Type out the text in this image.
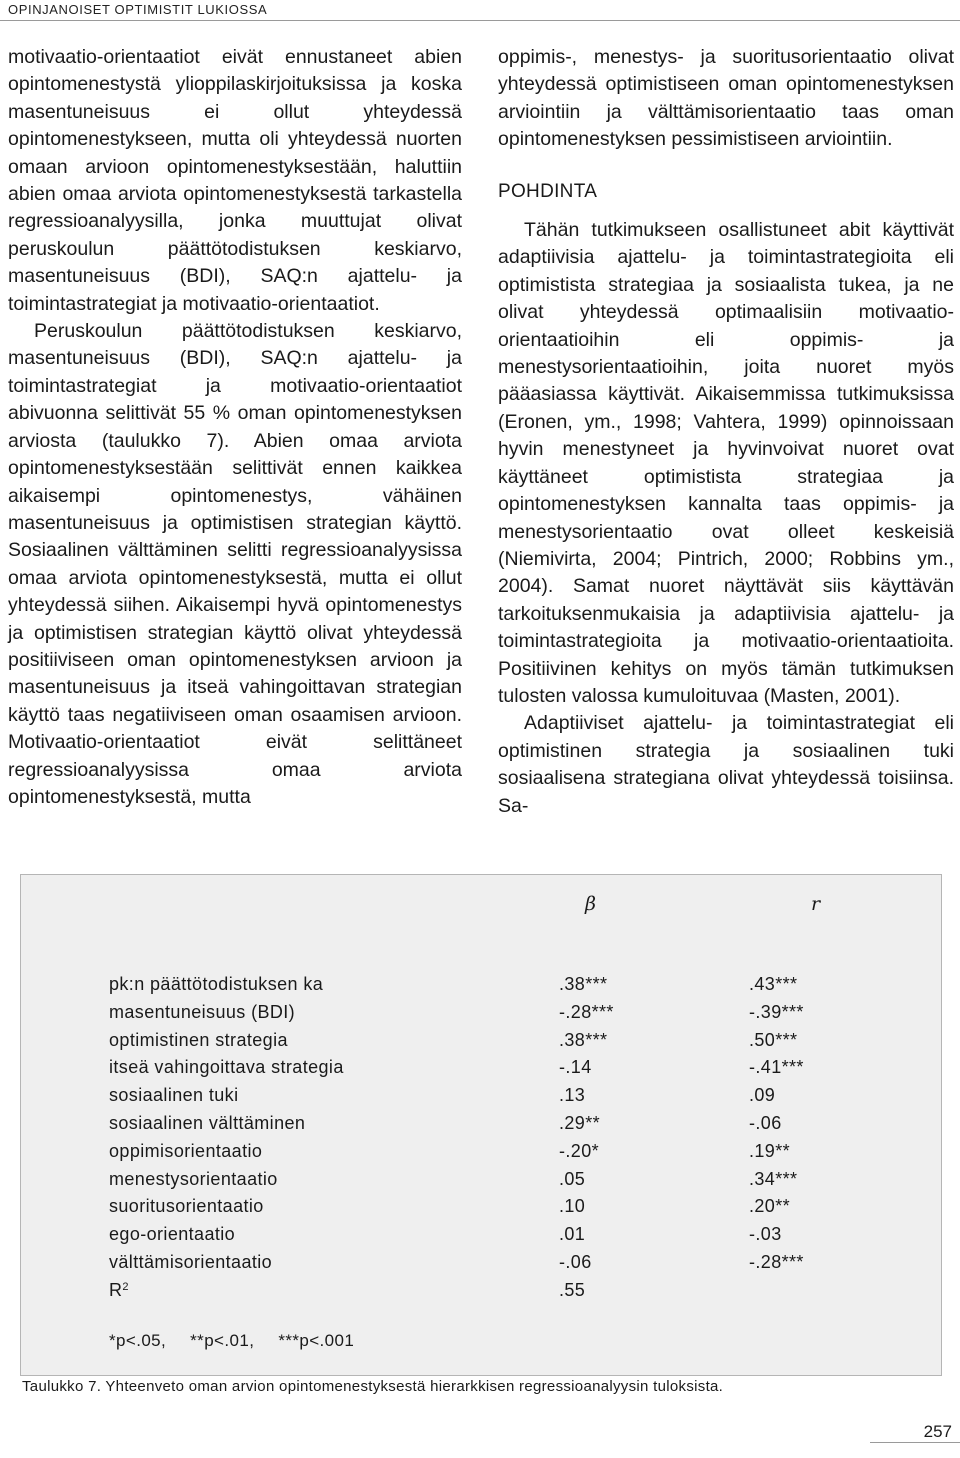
OPINJANOISET OPTIMISTIT LUKIOSSA

motivaatio-orientaatiot eivät ennustaneet abien opintomenestystä ylioppilaskirjoituksissa ja koska masentuneisuus ei ollut yhteydessä opintomenestykseen, mutta oli yhteydessä nuorten omaan arvioon opintomenestyksestään, haluttiin abien omaa arviota opintomenestyksestä tarkastella regressioanalyysilla, jonka muuttujat olivat peruskoulun päättötodistuksen keskiarvo, masentuneisuus (BDI), SAQ:n ajattelu- ja toimintastrategiat ja motivaatio-orientaatiot.

Peruskoulun päättötodistuksen keskiarvo, masentuneisuus (BDI), SAQ:n ajattelu- ja toimintastrategiat ja motivaatio-orientaatiot abivuonna selittivät 55 % oman opintomenestyksen arviosta (taulukko 7). Abien omaa arviota opintomenestyksestään selittivät ennen kaikkea aikaisempi opintomenestys, vähäinen masentuneisuus ja optimistisen strategian käyttö. Sosiaalinen välttäminen selitti regressioanalyysissa omaa arviota opintomenestyksestä, mutta ei ollut yhteydessä siihen. Aikaisempi hyvä opintomenestys ja optimistisen strategian käyttö olivat yhteydessä positiiviseen oman opintomenestyksen arvioon ja masentuneisuus ja itseä vahingoittavan strategian käyttö taas negatiiviseen oman osaamisen arvioon. Motivaatio-orientaatiot eivät selittäneet regressioanalyysissa omaa arviota opintomenestyksestä, mutta

oppimis-, menestys- ja suoritusorientaatio olivat yhteydessä optimistiseen oman opintomenestyksen arviointiin ja välttämisorientaatio taas oman opintomenestyksen pessimistiseen arviointiin.

POHDINTA

Tähän tutkimukseen osallistuneet abit käyttivät adaptiivisia ajattelu- ja toimintastrategioita eli optimistista strategiaa ja sosiaalista tukea, ja ne olivat yhteydessä optimaalisiin motivaatio-orientaatioihin eli oppimis- ja menestysorientaatioihin, joita nuoret myös pääasiassa käyttivät. Aikaisemmissa tutkimuksissa (Eronen, ym., 1998; Vahtera, 1999) opinnoissaan hyvin menestyneet ja hyvinvoivat nuoret ovat käyttäneet optimistista strategiaa ja opintomenestyksen kannalta taas oppimis- ja menestysorientaatio ovat olleet keskeisiä (Niemivirta, 2004; Pintrich, 2000; Robbins ym., 2004). Samat nuoret näyttävät siis käyttävän tarkoituksenmukaisia ja adaptiivisia ajattelu- ja toimintastrategioita ja motivaatio-orientaatioita. Positiivinen kehitys on myös tämän tutkimuksen tulosten valossa kumuloituvaa (Masten, 2001).

Adaptiiviset ajattelu- ja toimintastrategiat eli optimistinen strategia ja sosiaalinen tuki sosiaalisena strategiana olivat yhteydessä toisiinsa. Sa-

β	r
pk:n päättötodistuksen ka	.38***	.43***
masentuneisuus (BDI)	-.28***	-.39***
optimistinen strategia	.38***	.50***
itseä vahingoittava strategia	-.14	-.41***
sosiaalinen tuki	.13	.09
sosiaalinen välttäminen	.29**	-.06
oppimisorientaatio	-.20*	.19**
menestysorientaatio	.05	.34***
suoritusorientaatio	.10	.20**
ego-orientaatio	.01	-.03
välttämisorientaatio	-.06	-.28***
$R^2$	.55
*p<.05, **p<.01, ***p<.001
Taulukko 7. Yhteenveto oman arvion opintomenestyksestä hierarkkisen regressioanalyysin tuloksista.
257
